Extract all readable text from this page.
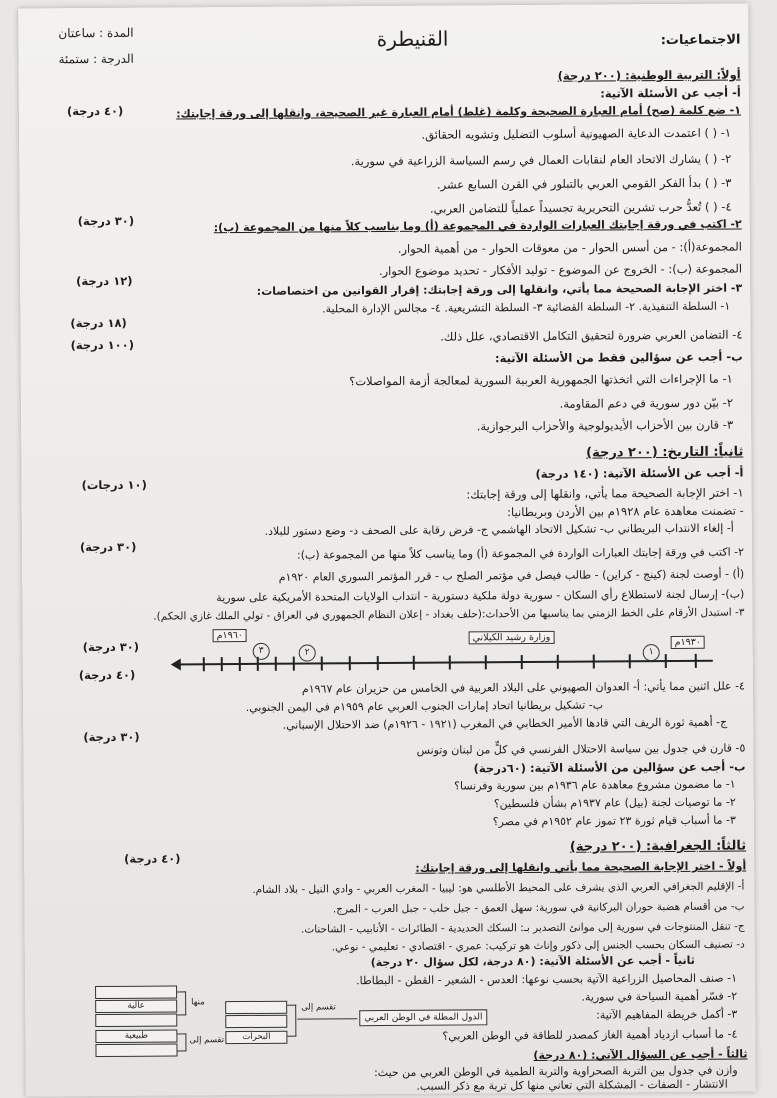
الاجتماعيات:
القنيطرة
المدة : ساعتان
الدرجة : ستمئة
أولاً: التربية الوطنية: (٢٠٠ درجة)
أ- أجب عن الأسئلة الآتية:
١- ضع كلمة (صح) أمام العبارة الصحيحة وكلمة (غلط) أمام العبارة غير الصحيحة، وانقلها إلى ورقة إجابتك:
(٤٠ درجة)
١- ( ) اعتمدت الدعاية الصهيونية أسلوب التضليل وتشويه الحقائق.
٢- ( ) يشارك الاتحاد العام لنقابات العمال في رسم السياسة الزراعية في سورية.
٣- ( ) بدأ الفكر القومي العربي بالتبلور في القرن السابع عشر.
٤- ( ) تُعدُّ حرب تشرين التحريرية تجسيداً عملياً للتضامن العربي.
٢- اكتب في ورقة إجابتك العبارات الواردة في المجموعة (أ) وما يناسب كلاً منها من المجموعة (ب):
(٣٠ درجة)
المجموعة(أ): - من أسس الحوار - من معوقات الحوار - من أهمية الحوار.
المجموعة (ب): - الخروج عن الموضوع - توليد الأفكار - تحديد موضوع الحوار.
٣- اختر الإجابة الصحيحة مما يأتي، وانقلها إلى ورقة إجابتك: إقرار القوانين من اختصاصات:
(١٢ درجة)
١- السلطة التنفيذية. ٢- السلطة القضائية ٣- السلطة التشريعية. ٤- مجالس الإدارة المحلية.
(١٨ درجة)
٤- التضامن العربي ضرورة لتحقيق التكامل الاقتصادي، علل ذلك.
(١٠٠ درجة)
ب- أجب عن سؤالين فقط من الأسئلة الآتية:
١- ما الإجراءات التي اتخذتها الجمهورية العربية السورية لمعالجة أزمة المواصلات؟
٢- بيّن دور سورية في دعم المقاومة.
٣- قارن بين الأحزاب الأيديولوجية والأحزاب البرجوازية.
ثانياً: التاريخ: (٢٠٠ درجة)
أ- أجب عن الأسئلة الآتية: (١٤٠ درجة)
(١٠ درجات)
١- اختر الإجابة الصحيحة مما يأتي، وانقلها إلى ورقة إجابتك:
- تضمنت معاهدة عام ١٩٢٨م بين الأردن وبريطانيا:
أ- إلغاء الانتداب البريطاني ب- تشكيل الاتحاد الهاشمي ج- فرض رقابة على الصحف د- وضع دستور للبلاد.
(٣٠ درجة)	٢- اكتب في ورقة إجابتك العبارات الواردة في المجموعة (أ) وما يناسب كلاً منها من المجموعة (ب):
(أ) - أوصت لجنة (كينج - كراين) - طالب فيصل في مؤتمر الصلح ب - قرر المؤتمر السوري العام ١٩٢٠م
(ب)- إرسال لجنة لاستطلاع رأي السكان - سورية دولة ملكية دستورية - انتداب الولايات المتحدة الأمريكية على سورية
٣- استبدل الأرقام على الخط الزمني بما يناسبها من الأحداث:(حلف بغداد - إعلان النظام الجمهوري في العراق - تولي الملك غازي الحكم).
١٩٦٠م
٣	٢
وزارة رشيد الكيلاني
١
١٩٣٠م
(٣٠ درجة)
(٤٠ درجة)
٤- علل اثنين مما يأتي: أ- العدوان الصهيوني على البلاد العربية في الخامس من حزيران عام ١٩٦٧م
ب- تشكيل بريطانيا اتحاد إمارات الجنوب العربي عام ١٩٥٩م في اليمن الجنوبي.
ج- أهمية ثورة الريف التي قادها الأمير الخطابي في المغرب (١٩٢١ - ١٩٢٦م) ضد الاحتلال الإسباني.
(٣٠ درجة)
٥- قارن في جدول بين سياسة الاحتلال الفرنسي في كلٍّ من لبنان وتونس
ب- أجب عن سؤالين من الأسئلة الآتية: (٦٠درجة)
١- ما مضمون مشروع معاهدة عام ١٩٣٦م بين سورية وفرنسا؟
٢- ما توصيات لجنة (بيل) عام ١٩٣٧م بشأن فلسطين؟
٣- ما أسباب قيام ثورة ٢٣ تموز عام ١٩٥٢م في مصر؟
ثالثاً: الجغرافية: (٢٠٠ درجة)
(٤٠ درجة)
أولاً - اختر الإجابة الصحيحة مما يأتي وانقلها إلى ورقة إجابتك:
أ- الإقليم الجغرافي العربي الذي يشرف على المحيط الأطلسي هو: ليبيا - المغرب العربي - وادي النيل - بلاد الشام.
ب- من أقسام هضبة حوران البركانية في سورية: سهل العمق - جبل حلب - جبل العرب - المرج.
ج- تنقل المنتوجات في سورية إلى موانئ التصدير بـ: السكك الحديدية - الطائرات - الأنابيب - الشاحنات.
د- تصنيف السكان بحسب الجنس إلى ذكور وإناث هو تركيب: عمري - اقتصادي - تعليمي - نوعي.
ثانياً - أجب عن الأسئلة الآتية: (٨٠ درجة، لكل سؤال ٢٠ درجة)
١- صنف المحاصيل الزراعية الآتية بحسب نوعها: العدس - الشعير - القطن - البطاطا.
٢- فسّر أهمية السياحة في سورية.
٣- أكمل خريطة المفاهيم الآتية:
٤- ما أسباب ازدياد أهمية الغاز كمصدر للطاقة في الوطن العربي؟
عالية
طبيعية
منها
تقسم إلى	البحرات
تقسم إلى
الدول المطلة في الوطن العربي
ثالثاً - أجب عن السؤال الآتي: (٨٠ درجة)
وازن في جدول بين التربة الصحراوية والتربة الطمية في الوطن العربي من حيث:
الانتشار - الصفات - المشكلة التي تعاني منها كل تربة مع ذكر السبب.
